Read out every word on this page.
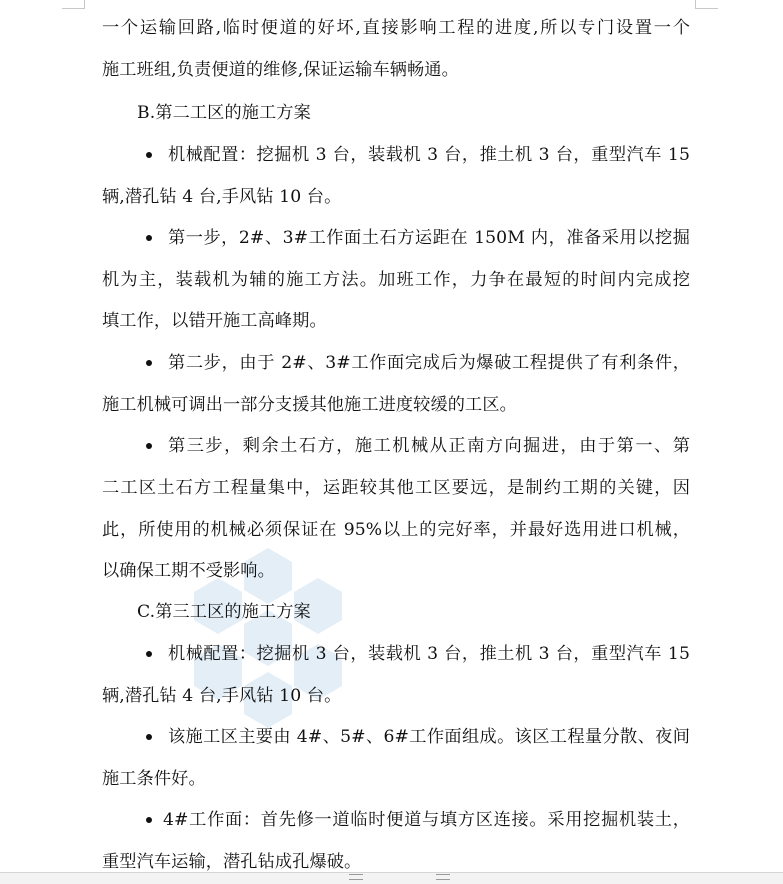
一个运输回路,临时便道的好坏,直接影响工程的进度,所以专门设置一个
施工班组,负责便道的维修,保证运输车辆畅通。
B.第二工区的施工方案
机械配置：挖掘机 3 台，装载机 3 台，推土机 3 台，重型汽车 15
辆,潜孔钻 4 台,手风钻 10 台。
第一步，2#、3#工作面土石方运距在 150M 内，准备采用以挖掘
机为主，装载机为辅的施工方法。加班工作，力争在最短的时间内完成挖
填工作，以错开施工高峰期。
第二步，由于 2#、3#工作面完成后为爆破工程提供了有利条件，
施工机械可调出一部分支援其他施工进度较缓的工区。
第三步，剩余土石方，施工机械从正南方向掘进，由于第一、第
二工区土石方工程量集中，运距较其他工区要远，是制约工期的关键，因
此，所使用的机械必须保证在 95%以上的完好率，并最好选用进口机械，
以确保工期不受影响。
C.第三工区的施工方案
机械配置：挖掘机 3 台，装载机 3 台，推土机 3 台，重型汽车 15
辆,潜孔钻 4 台,手风钻 10 台。
该施工区主要由 4#、5#、6#工作面组成。该区工程量分散、夜间
施工条件好。
4#工作面：首先修一道临时便道与填方区连接。采用挖掘机装土，
重型汽车运输，潜孔钻成孔爆破。
